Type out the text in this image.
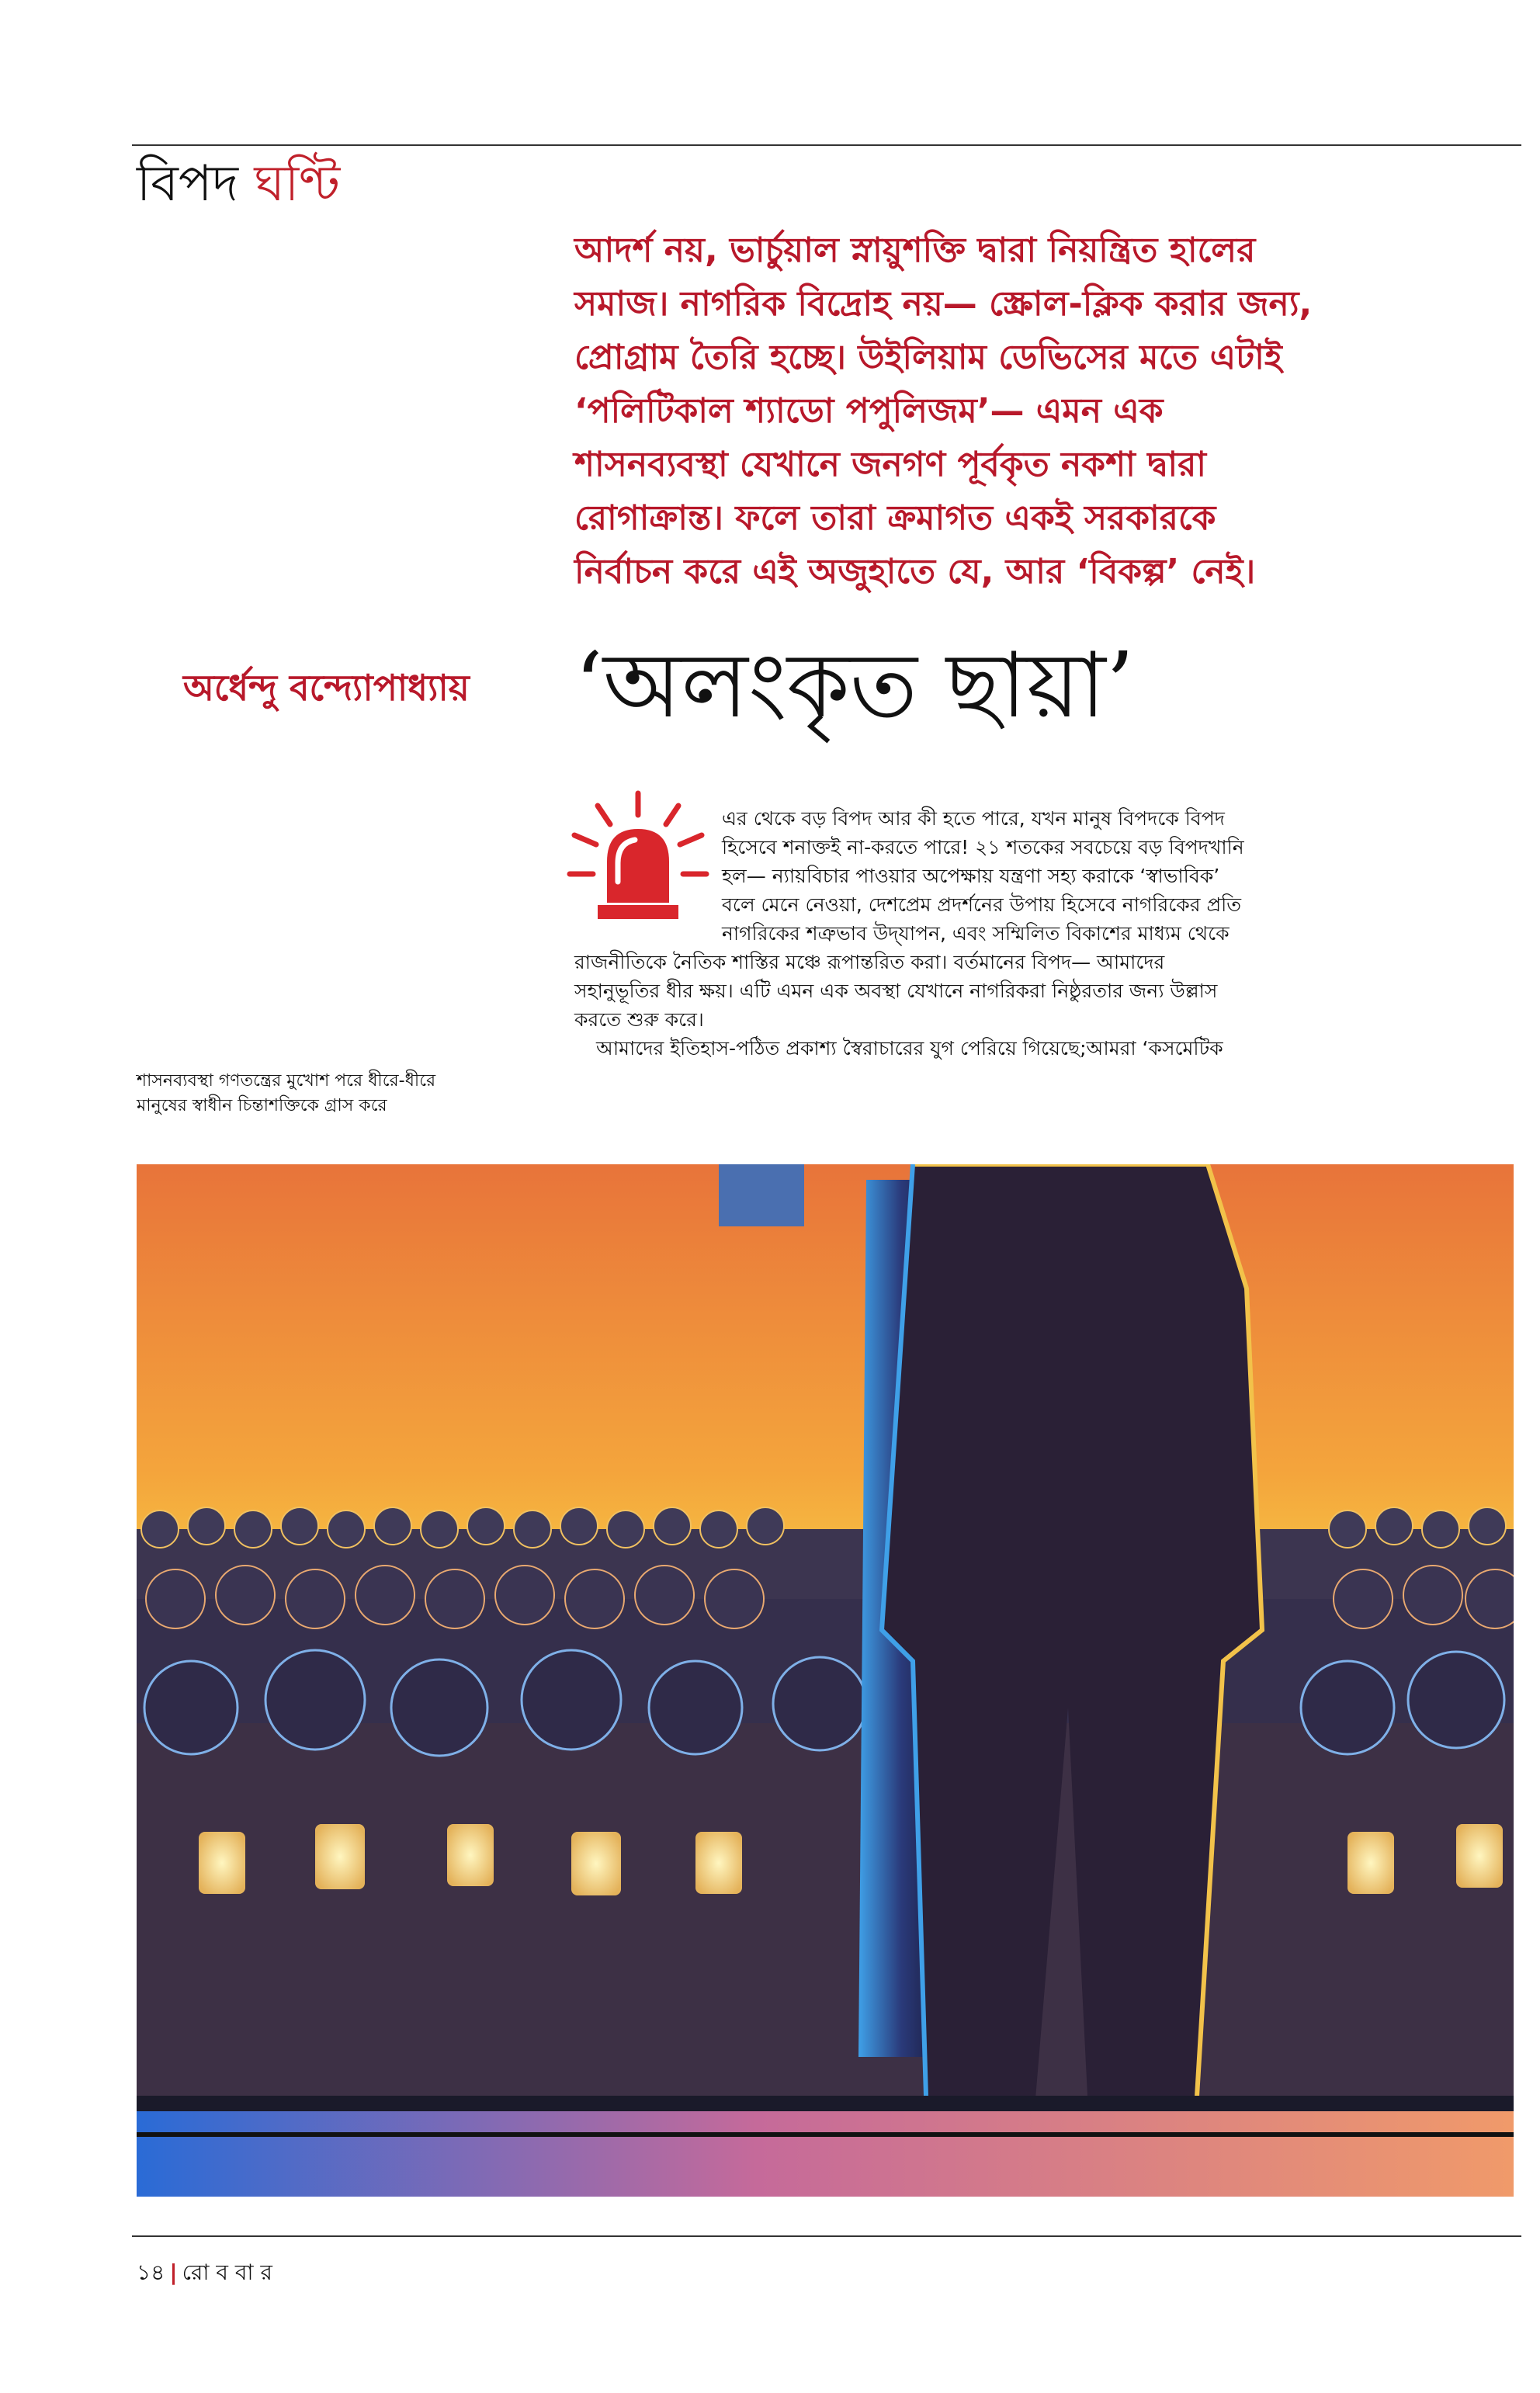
বিপদ ঘণ্টি
আদর্শ নয়, ভার্চুয়াল স্নায়ুশক্তি দ্বারা নিয়ন্ত্রিত হালের
সমাজ। নাগরিক বিদ্রোহ নয়— স্ক্রোল-ক্লিক করার জন্য,
প্রোগ্রাম তৈরি হচ্ছে। উইলিয়াম ডেভিসের মতে এটাই
‘পলিটিকাল শ্যাডো পপুলিজম’— এমন এক
শাসনব্যবস্থা যেখানে জনগণ পূর্বকৃত নকশা দ্বারা
রোগাক্রান্ত। ফলে তারা ক্রমাগত একই সরকারকে
নির্বাচন করে এই অজুহাতে যে, আর ‘বিকল্প’ নেই।
অর্ধেন্দু বন্দ্যোপাধ্যায় ‘অলংকৃত ছায়া’
এর থেকে বড় বিপদ আর কী হতে পারে, যখন মানুষ বিপদকে বিপদ
হিসেবে শনাক্তই না-করতে পারে! ২১ শতকের সবচেয়ে বড় বিপদখানি
হল— ন্যায়বিচার পাওয়ার অপেক্ষায় যন্ত্রণা সহ্য করাকে ‘স্বাভাবিক’
বলে মেনে নেওয়া, দেশপ্রেম প্রদর্শনের উপায় হিসেবে নাগরিকের প্রতি
নাগরিকের শত্রুভাব উদ্‌যাপন, এবং সম্মিলিত বিকাশের মাধ্যম থেকে
রাজনীতিকে নৈতিক শাস্তির মঞ্চে রূপান্তরিত করা। বর্তমানের বিপদ— আমাদের
সহানুভূতির ধীর ক্ষয়। এটি এমন এক অবস্থা যেখানে নাগরিকরা নিষ্ঠুরতার জন্য উল্লাস
করতে শুরু করে।
আমাদের ইতিহাস-পঠিত প্রকাশ্য স্বৈরাচারের যুগ পেরিয়ে গিয়েছে;আমরা ‘কসমেটিক
শাসনব্যবস্থা গণতন্ত্রের মুখোশ পরে ধীরে-ধীরে
মানুষের স্বাধীন চিন্তাশক্তিকে গ্রাস করে
১৪ | রো ব বা র
